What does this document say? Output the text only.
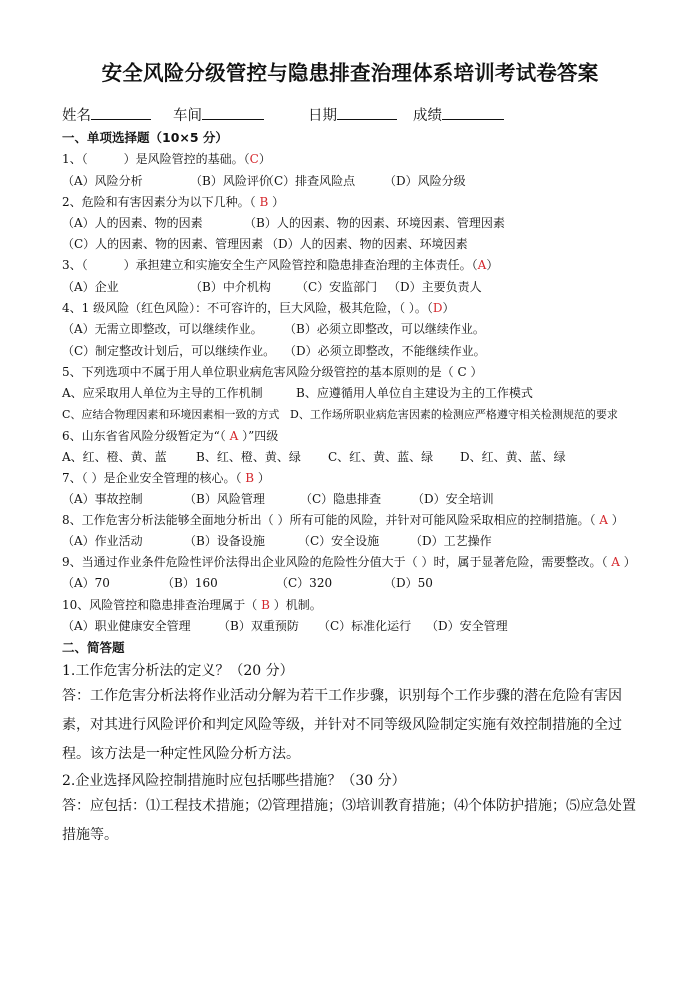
安全风险分级管控与隐患排查治理体系培训考试卷答案
姓名	车间	日期	成绩
一、单项选择题（10×5 分）
1、（　　　）是风险管控的基础。（C）
（A）风险分析	（B）风险评价
（C）排查风险点 （D）风险分级
2、危险和有害因素分为以下几种。（ B ）
（A）人的因素、物的因素	（B）人的因素、物的因素、环境因素、管理因素
（C）人的因素、物的因素、管理因素 （D）人的因素、物的因素、环境因素
3、（　　　）承担建立和实施安全生产风险管控和隐患排查治理的主体责任。（A）
（A）企业	（B）中介机构 （C）安监部门 （D）主要负责人
4、1 级风险（红色风险）：不可容许的，巨大风险，极其危险，（ ）。（D）
（A）无需立即整改，可以继续作业。 （B）必须立即整改，可以继续作业。
（C）制定整改计划后，可以继续作业。 （D）必须立即整改，不能继续作业。
5、下列选项中不属于用人单位职业病危害风险分级管控的基本原则的是（ C ）
A、应采取用人单位为主导的工作机制	B、应遵循用人单位自主建设为主的工作模式
C、应结合物理因素和环境因素相一致的方式 D、工作场所职业病危害因素的检测应严格遵守相关检测规范的要求
6、山东省省风险分级暂定为“（ A ）”四级
A、红、橙、黄、蓝 B、红、橙、黄、绿 C、红、黄、蓝、绿 D、红、黄、蓝、绿
7、（ ）是企业安全管理的核心。（ B ）
（A）事故控制	（B）风险管理	（C）隐患排查	（D）安全培训
8、工作危害分析法能够全面地分析出（ ）所有可能的风险，并针对可能风险采取相应的控制措施。（ A ）
（A）作业活动	（B）设备设施	（C）安全设施	（D）工艺操作
9、当通过作业条件危险性评价法得出企业风险的危险性分值大于（ ）时，属于显著危险，需要整改。（ A ）
（A）70	（B）160	（C）320	（D）50
10、风险管控和隐患排查治理属于（ B ）机制。
（A）职业健康安全管理 （B）双重预防 （C）标准化运行 （D）安全管理
二、简答题
1.工作危害分析法的定义？（20 分）
答：工作危害分析法将作业活动分解为若干工作步骤，识别每个工作步骤的潜在危险有害因素，对其进行风险评价和判定风险等级，并针对不同等级风险制定实施有效控制措施的全过程。该方法是一种定性风险分析方法。
2.企业选择风险控制措施时应包括哪些措施？（30 分）
答：应包括：⑴工程技术措施；⑵管理措施；⑶培训教育措施；⑷个体防护措施；⑸应急处置措施等。
